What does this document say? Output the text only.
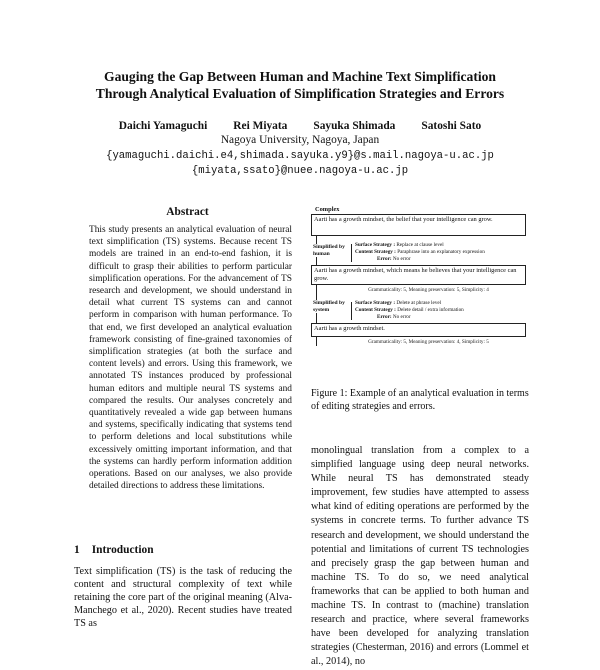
Gauging the Gap Between Human and Machine Text Simplification
Through Analytical Evaluation of Simplification Strategies and Errors
Daichi Yamaguchi Rei Miyata Sayuka Shimada Satoshi Sato
Nagoya University, Nagoya, Japan
{yamaguchi.daichi.e4,shimada.sayuka.y9}@s.mail.nagoya-u.ac.jp
{miyata,ssato}@nuee.nagoya-u.ac.jp
Abstract

This study presents an analytical evaluation of neural text simplification (TS) systems. Because recent TS models are trained in an end-to-end fashion, it is difficult to grasp their abilities to perform particular simplification operations. For the advancement of TS research and development, we should understand in detail what current TS systems can and cannot perform in comparison with human performance. To that end, we first developed an analytical evaluation framework consisting of fine-grained taxonomies of simplification strategies (at both the surface and content levels) and errors. Using this framework, we annotated TS instances produced by professional human editors and multiple neural TS systems and compared the results. Our analyses concretely and quantitatively revealed a wide gap between humans and systems, specifically indicating that systems tend to perform deletions and local substitutions while excessively omitting important information, and that the systems can hardly perform information addition operations. Based on our analyses, we also provide detailed directions to address these limitations.

1 Introduction

Text simplification (TS) is the task of reducing the content and structural complexity of text while retaining the core part of the original meaning (Alva-Manchego et al., 2020). Recent studies have treated TS as

Complex
Aarti has a growth mindset, the belief that your intelligence can grow.
Simplified by human
Surface Strategy : Replace at clause level
Content Strategy : Paraphrase into an explanatory expression
Error: No error
Aarti has a growth mindset, which means he believes that your intelligence can grow.
Grammaticality: 5, Meaning preservation: 5, Simplicity: 4
Simplified by system
Surface Strategy : Delete at phrase level
Content Strategy : Delete detail / extra information
Error: No error
Aarti has a growth mindset.
Grammaticality: 5, Meaning preservation: 4, Simplicity: 5

Figure 1: Example of an analytical evaluation in terms of editing strategies and errors.

monolingual translation from a complex to a simplified language using deep neural networks. While neural TS has demonstrated steady improvement, few studies have attempted to assess what kind of editing operations are performed by the systems in concrete terms. To further advance TS research and development, we should understand the potential and limitations of current TS technologies and precisely grasp the gap between human and machine TS. To do so, we need analytical frameworks that can be applied to both human and machine TS. In contrast to (machine) translation research and practice, where several frameworks have been developed for analyzing translation strategies (Chesterman, 2016) and errors (Lommel et al., 2014), no
